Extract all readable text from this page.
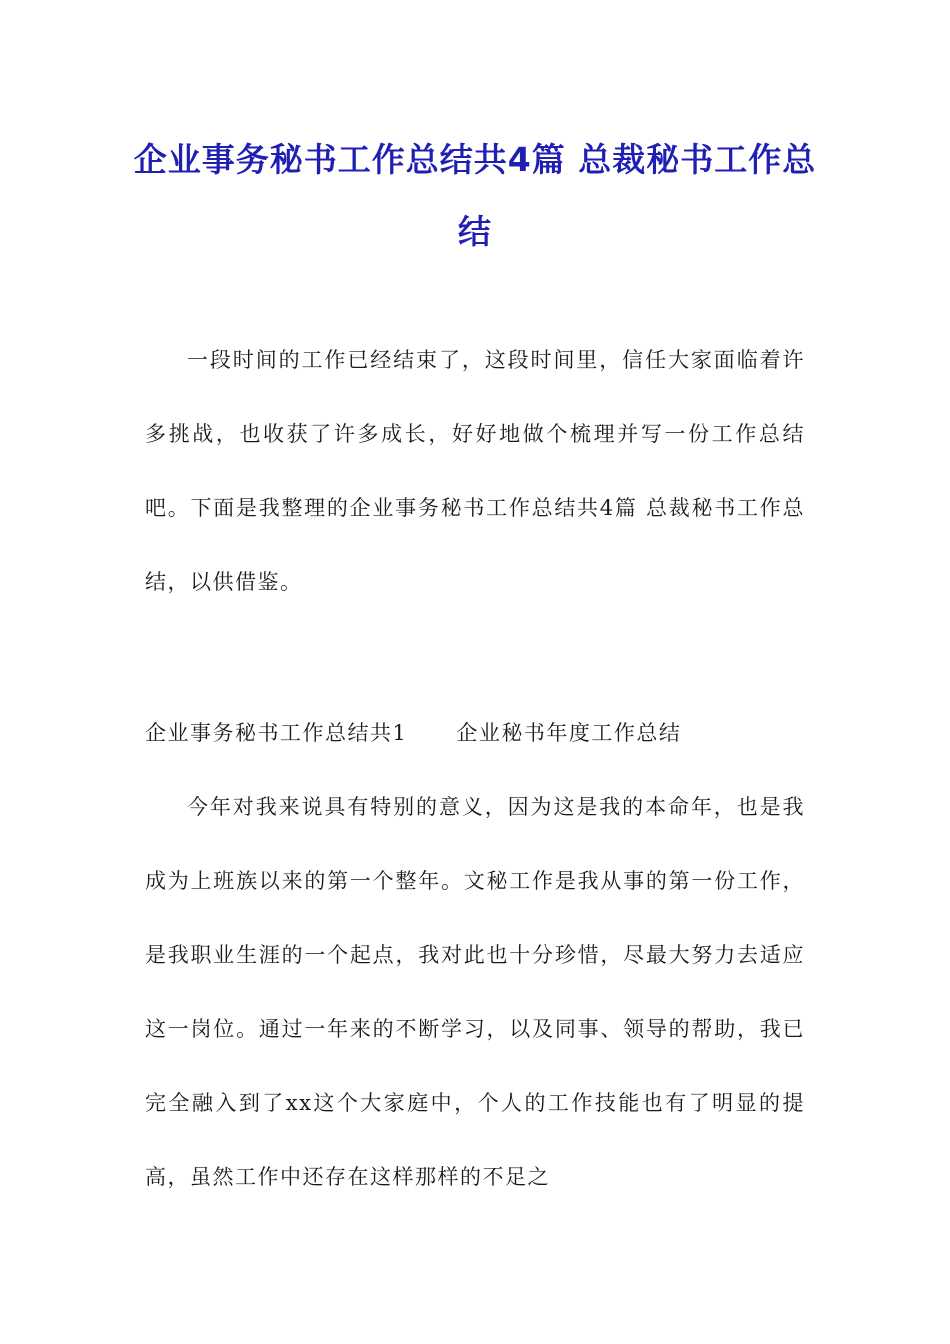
企业事务秘书工作总结共4篇 总裁秘书工作总结

一段时间的工作已经结束了，这段时间里，信任大家面临着许多挑战，也收获了许多成长，好好地做个梳理并写一份工作总结吧。下面是我整理的企业事务秘书工作总结共4篇 总裁秘书工作总结，以供借鉴。

企业事务秘书工作总结共1      企业秘书年度工作总结

今年对我来说具有特别的意义，因为这是我的本命年，也是我成为上班族以来的第一个整年。文秘工作是我从事的第一份工作，是我职业生涯的一个起点，我对此也十分珍惜，尽最大努力去适应这一岗位。通过一年来的不断学习，以及同事、领导的帮助，我已完全融入到了xx这个大家庭中，个人的工作技能也有了明显的提高，虽然工作中还存在这样那样的不足之
